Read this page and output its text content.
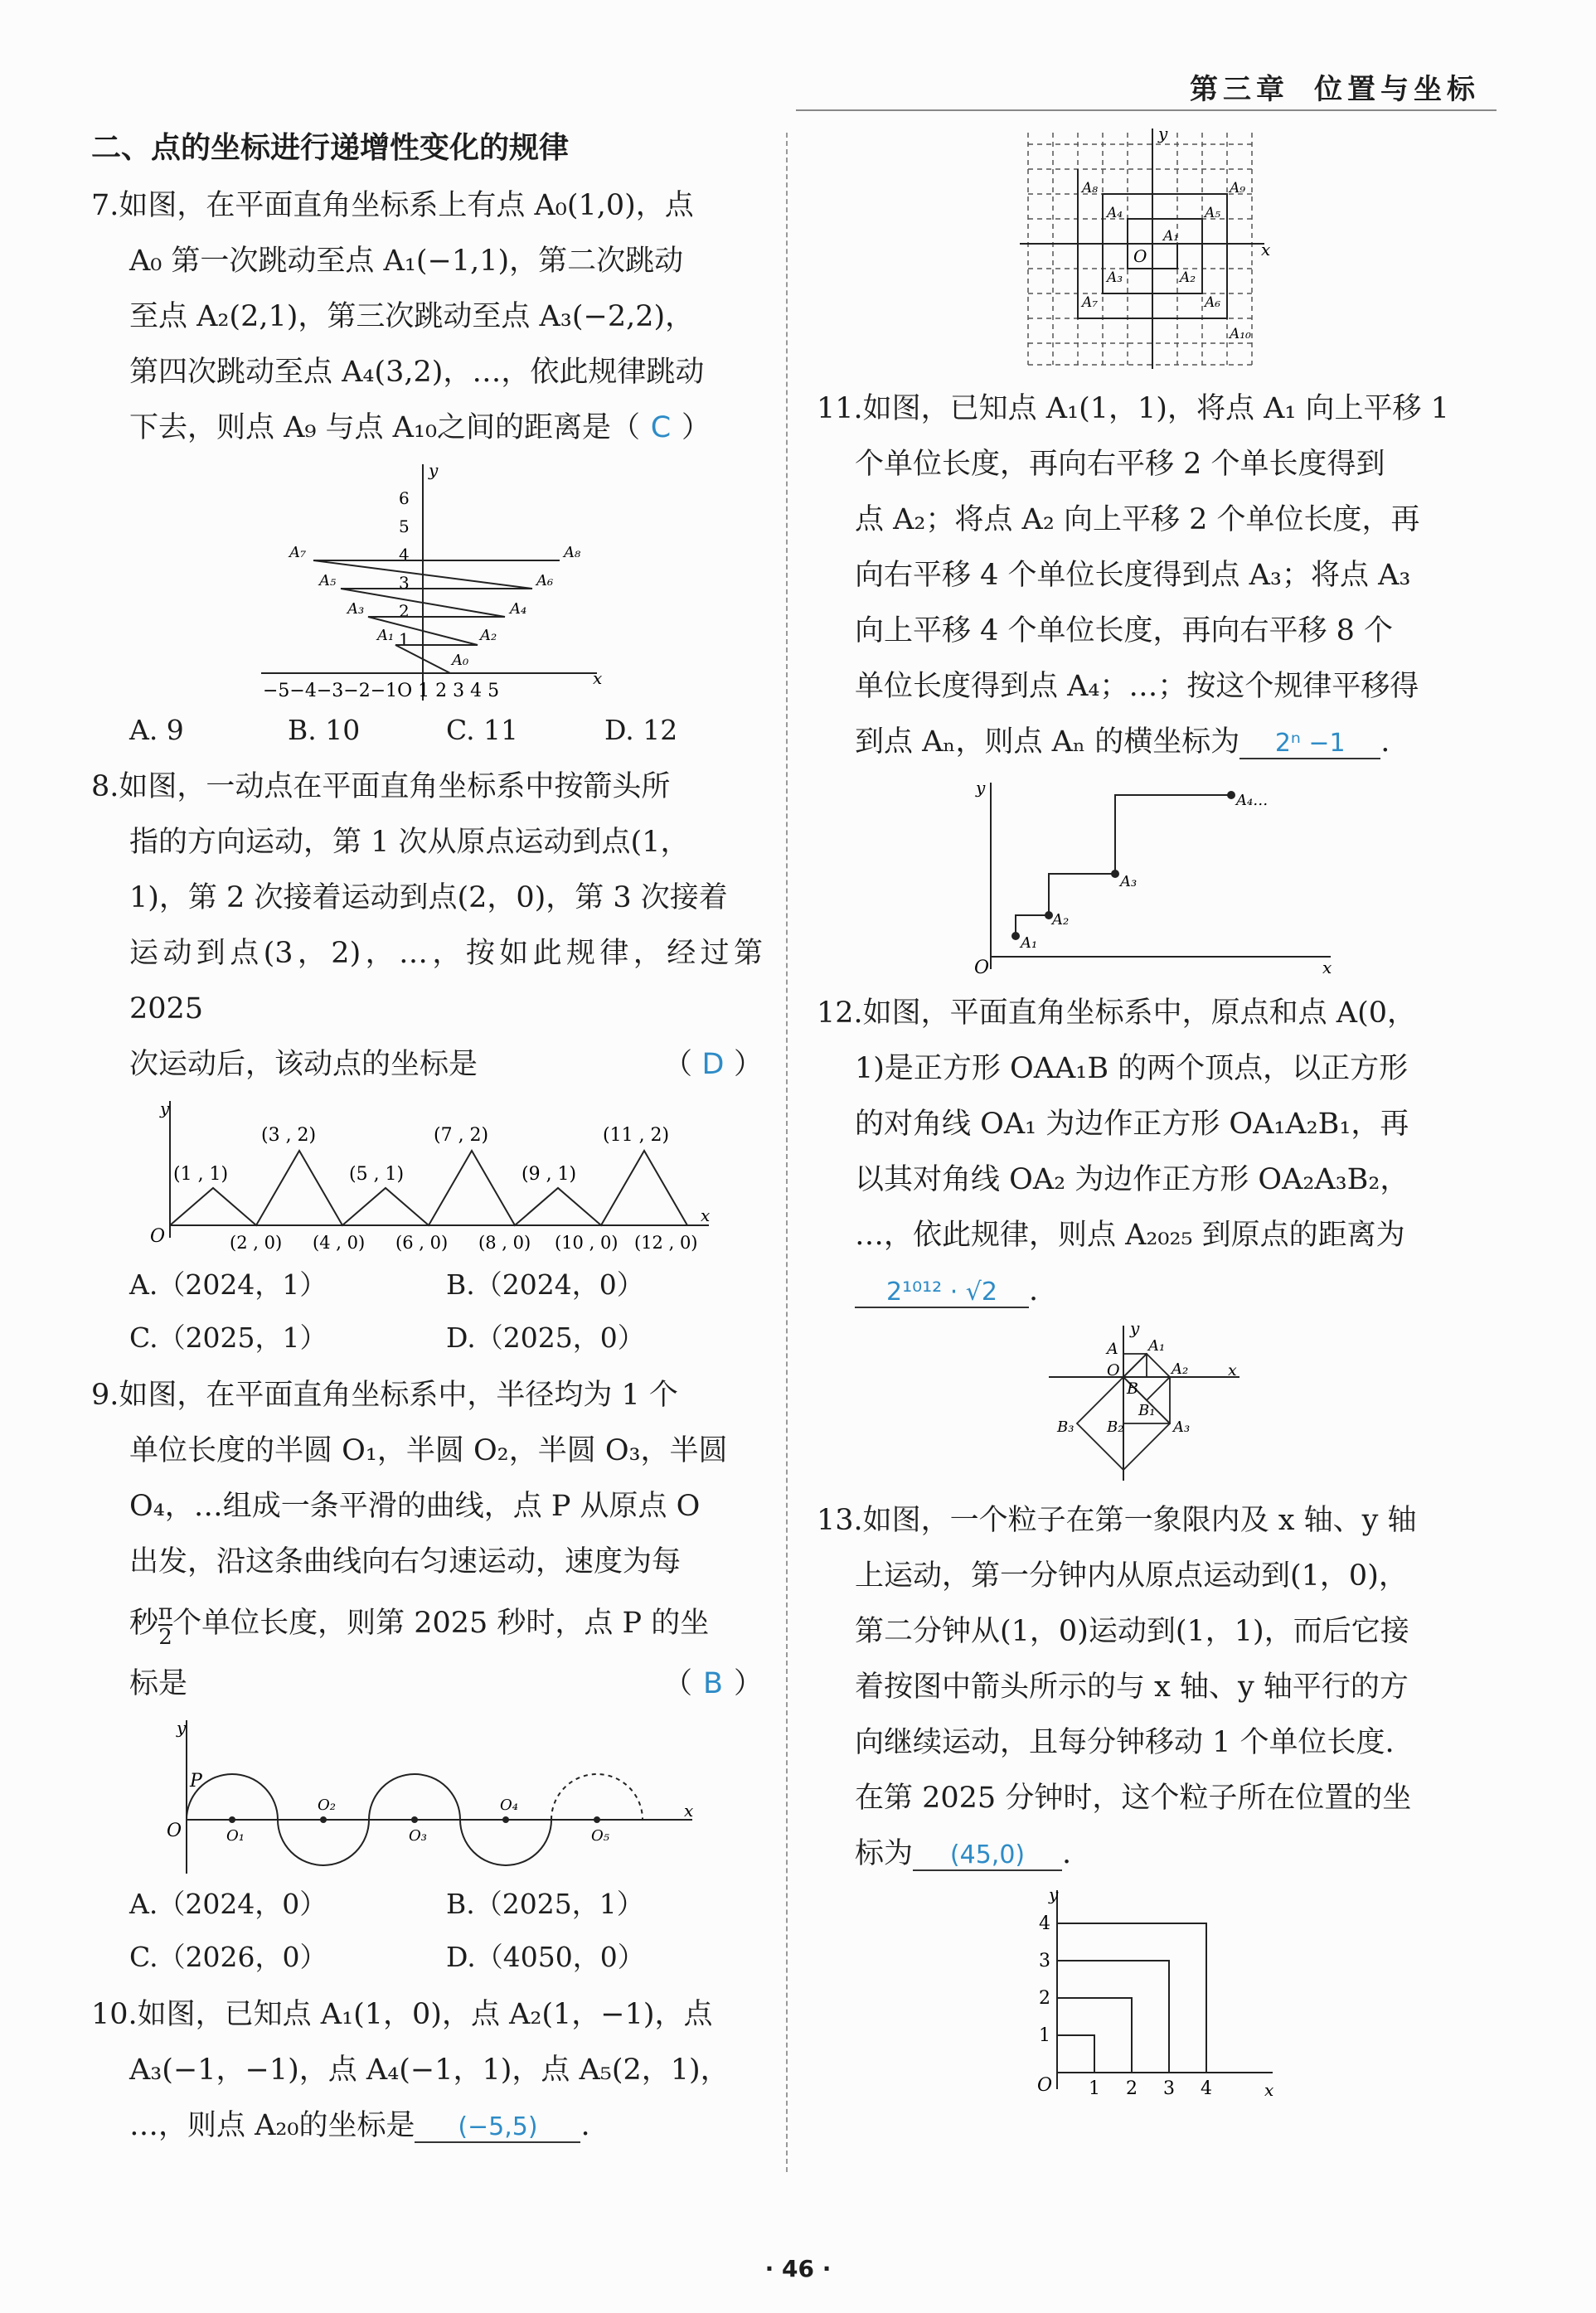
第三章 位置与坐标
二、点的坐标进行递增性变化的规律

7.如图，在平面直角坐标系上有点 A₀(1,0)，点

A₀ 第一次跳动至点 A₁(−1,1)，第二次跳动

至点 A₂(2,1)，第三次跳动至点 A₃(−2,2)，

第四次跳动至点 A₄(3,2)，…，依此规律跳动

下去，则点 A₉ 与点 A₁₀之间的距离是（ C ）

x
y
1
2
3
4
5
6
−5−4−3−2−1O 1 2 3 4 5
A₀
A₁	A₂
A₃	A₄
A₅	A₆
A₇	A₈
A. 9	B. 10	C. 11	D. 12

8.如图，一动点在平面直角坐标系中按箭头所

指的方向运动，第 1 次从原点运动到点(1，

1)，第 2 次接着运动到点(2，0)，第 3 次接着

运动到点(3，2)，…，按如此规律，经过第 2025

次运动后，该动点的坐标是	（ D ）

y
O
x
(1 , 1)
(3 , 2)
(5 , 1)
(7 , 2)
(9 , 1)
(11 , 2)
(2 , 0) (4 , 0) (6 , 0) (8 , 0) (10 , 0) (12 , 0)
A.（2024，1）	B.（2024，0）
C.（2025，1）	D.（2025，0）

9.如图，在平面直角坐标系中，半径均为 1 个

单位长度的半圆 O₁，半圆 O₂，半圆 O₃，半圆

O₄，…组成一条平滑的曲线，点 P 从原点 O

出发，沿这条曲线向右匀速运动，速度为每

秒 $\frac{\pi}{2}$ 个单位长度，则第 2025 秒时，点 P 的坐

标是	（ B ）

y
P
O
x
O₁
O₂
O₃
O₄
O₅
A.（2024，0）	B.（2025，1）
C.（2026，0）	D.（4050，0）

10.如图，已知点 A₁(1，0)，点 A₂(1，−1)，点

A₃(−1，−1)，点 A₄(−1，1)，点 A₅(2，1)，

…，则点 A₂₀的坐标是 (−5,5) .

x
y
O
A₁
A₂
A₃
A₄	A₅
A₆
A₇
A₈	A₉
A₁₀

11.如图，已知点 A₁(1，1)，将点 A₁ 向上平移 1

个单位长度，再向右平移 2 个单长度得到

点 A₂；将点 A₂ 向上平移 2 个单位长度，再

向右平移 4 个单位长度得到点 A₃；将点 A₃

向上平移 4 个单位长度，再向右平移 8 个

单位长度得到点 A₄；…；按这个规律平移得

到点 Aₙ，则点 Aₙ 的横坐标为 2ⁿ −1 .

y
O	x
A₁
A₂
A₃
A₄…

12.如图，平面直角坐标系中，原点和点 A(0，

1)是正方形 OAA₁B 的两个顶点，以正方形

的对角线 OA₁ 为边作正方形 OA₁A₂B₁，再

以其对角线 OA₂ 为边作正方形 OA₂A₃B₂，

…，依此规律，则点 A₂₀₂₅ 到原点的距离为

2¹⁰¹² · √2 .

y
A A₁
A₂
A₃
O
B
B₁
B₂
B₃
x

13.如图，一个粒子在第一象限内及 x 轴、y 轴

上运动，第一分钟内从原点运动到(1，0)，

第二分钟从(1，0)运动到(1，1)，而后它接

着按图中箭头所示的与 x 轴、y 轴平行的方

向继续运动，且每分钟移动 1 个单位长度.

在第 2025 分钟时，这个粒子所在位置的坐

标为 (45,0) .

y
O	x
1 2 3 4
1
2
3
4
· 46 ·
